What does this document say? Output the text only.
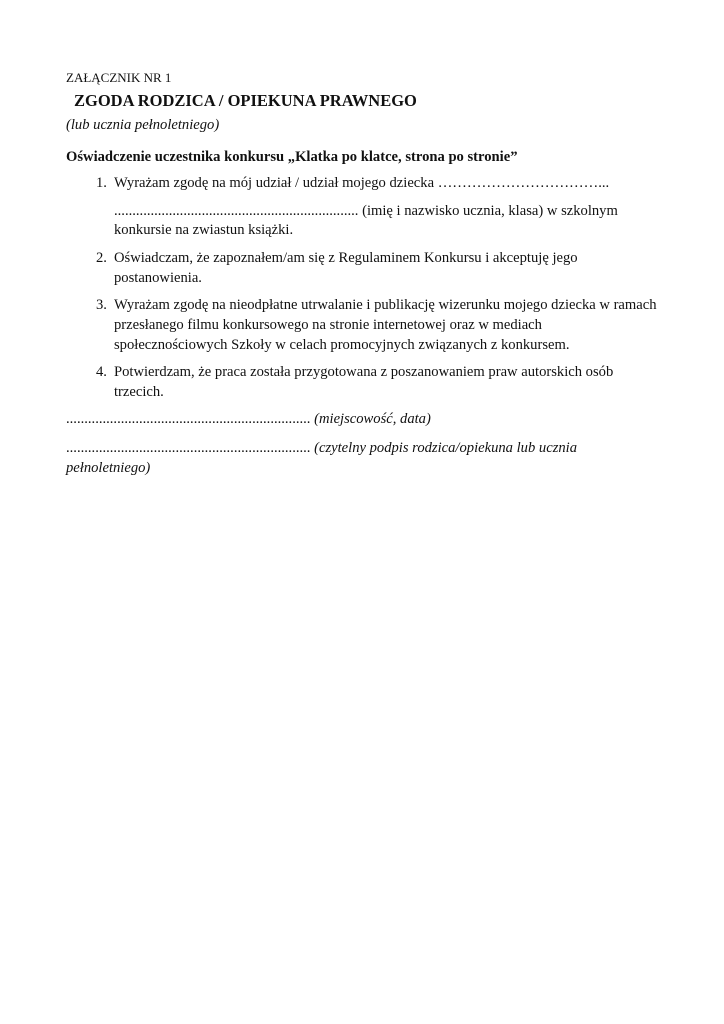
ZAŁĄCZNIK NR 1
ZGODA RODZICA / OPIEKUNA PRAWNEGO
(lub ucznia pełnoletniego)
Oświadczenie uczestnika konkursu „Klatka po klatce, strona po stronie”
1. Wyrażam zgodę na mój udział / udział mojego dziecka ……………………………...
................................................................... (imię i nazwisko ucznia, klasa) w szkolnym
konkursie na zwiastun książki.
2. Oświadczam, że zapoznałem/am się z Regulaminem Konkursu i akceptuję jego
postanowienia.
3. Wyrażam zgodę na nieodpłatne utrwalanie i publikację wizerunku mojego dziecka w ramach
przesłanego filmu konkursowego na stronie internetowej oraz w mediach
społecznościowych Szkoły w celach promocyjnych związanych z konkursem.
4. Potwierdzam, że praca została przygotowana z poszanowaniem praw autorskich osób
trzecich.
................................................................... (miejscowość, data)
................................................................... (czytelny podpis rodzica/opiekuna lub ucznia
pełnoletniego)
